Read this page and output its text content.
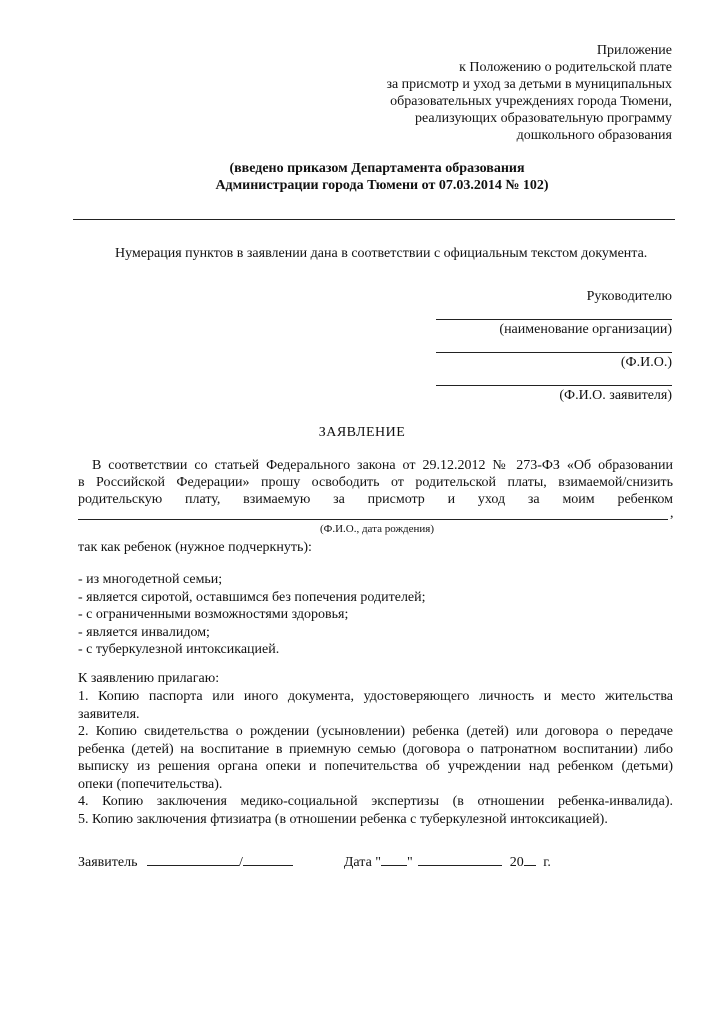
Приложение
к Положению о родительской плате
за присмотр и уход за детьми в муниципальных
образовательных учреждениях города Тюмени,
реализующих образовательную программу
дошкольного образования
(введено приказом Департамента образования
Администрации города Тюмени от 07.03.2014 № 102)
Нумерация пунктов в заявлении дана в соответствии с официальным текстом документа.
Руководителю
(наименование организации)
(Ф.И.О.)
(Ф.И.О. заявителя)
ЗАЯВЛЕНИЕ
В соответствии со статьей Федерального закона от 29.12.2012 № 273-ФЗ «Об образовании
в Российской Федерации» прошу освободить от родительской платы, взимаемой/снизить
родительскую плату, взимаемую за присмотр и уход за моим ребенком
,
(Ф.И.О., дата рождения)
так как ребенок (нужное подчеркнуть):
- из многодетной семьи;
- является сиротой, оставшимся без попечения родителей;
- с ограниченными возможностями здоровья;
- является инвалидом;
- с туберкулезной интоксикацией.
К заявлению прилагаю:
1. Копию паспорта или иного документа, удостоверяющего личность и место жительства
заявителя.
2. Копию свидетельства о рождении (усыновлении) ребенка (детей) или договора о передаче
ребенка (детей) на воспитание в приемную семью (договора о патронатном воспитании) либо
выписку из решения органа опеки и попечительства об учреждении над ребенком (детьми)
опеки (попечительства).
4. Копию заключения медико-социальной экспертизы (в отношении ребенка-инвалида).
5. Копию заключения фтизиатра (в отношении ребенка с туберкулезной интоксикацией).
Заявитель	/	Дата " "	20 г.
